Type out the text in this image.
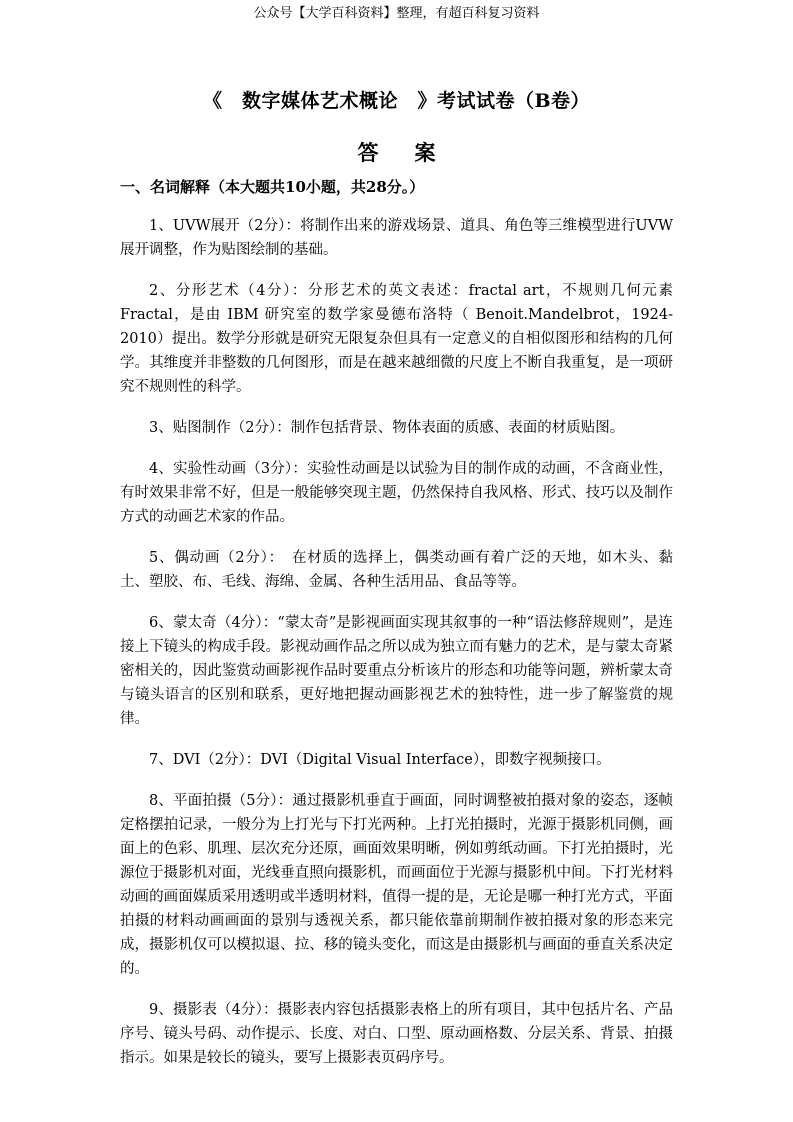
公众号【大学百科资料】整理，有超百科复习资料
《　数字媒体艺术概论　》考试试卷（B卷）
答案
一、名词解释（本大题共10小题，共28分。）

1、UVW展开（2分）：将制作出来的游戏场景、道具、角色等三维模型进行UVW展开调整，作为贴图绘制的基础。

2、分形艺术（4分）：分形艺术的英文表述：fractal art，不规则几何元素 Fractal，是由 IBM 研究室的数学家曼德布洛特（ Benoit.Mandelbrot，1924-2010）提出。数学分形就是研究无限复杂但具有一定意义的自相似图形和结构的几何学。其维度并非整数的几何图形，而是在越来越细微的尺度上不断自我重复，是一项研究不规则性的科学。

3、贴图制作（2分）：制作包括背景、物体表面的质感、表面的材质贴图。

4、实验性动画（3分）：实验性动画是以试验为目的制作成的动画，不含商业性，有时效果非常不好，但是一般能够突现主题，仍然保持自我风格、形式、技巧以及制作方式的动画艺术家的作品。

5、偶动画（2分）：　在材质的选择上，偶类动画有着广泛的天地，如木头、黏土、塑胶、布、毛线、海绵、金属、各种生活用品、食品等等。

6、蒙太奇（4分）：“蒙太奇”是影视画面实现其叙事的一种“语法修辞规则”，是连接上下镜头的构成手段。影视动画作品之所以成为独立而有魅力的艺术，是与蒙太奇紧密相关的，因此鉴赏动画影视作品时要重点分析该片的形态和功能等问题，辨析蒙太奇与镜头语言的区别和联系，更好地把握动画影视艺术的独特性，进一步了解鉴赏的规律。

7、DVI（2分）：DVI（Digital Visual Interface），即数字视频接口。

8、平面拍摄（5分）：通过摄影机垂直于画面，同时调整被拍摄对象的姿态，逐帧定格摆拍记录，一般分为上打光与下打光两种。上打光拍摄时，光源于摄影机同侧，画面上的色彩、肌理、层次充分还原，画面效果明晰，例如剪纸动画。下打光拍摄时，光源位于摄影机对面，光线垂直照向摄影机，而画面位于光源与摄影机中间。下打光材料动画的画面媒质采用透明或半透明材料，值得一提的是，无论是哪一种打光方式，平面拍摄的材料动画画面的景别与透视关系，都只能依靠前期制作被拍摄对象的形态来完成，摄影机仅可以模拟退、拉、移的镜头变化，而这是由摄影机与画面的垂直关系决定的。

9、摄影表（4分）：摄影表内容包括摄影表格上的所有项目，其中包括片名、产品序号、镜头号码、动作提示、长度、对白、口型、原动画格数、分层关系、背景、拍摄指示。如果是较长的镜头，要写上摄影表页码序号。
